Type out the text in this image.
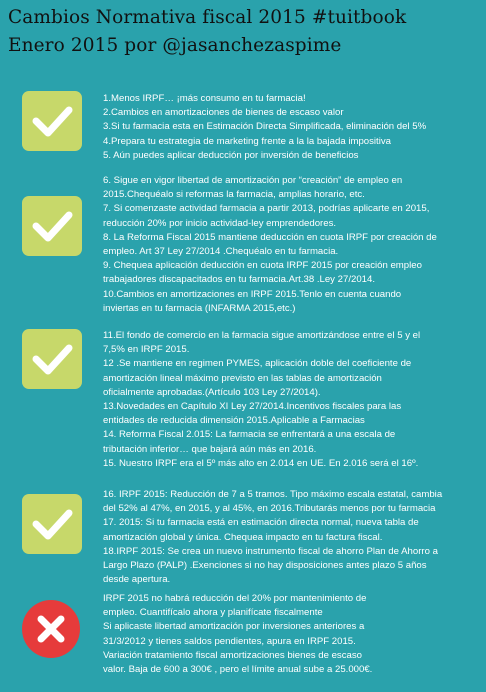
Cambios Normativa fiscal 2015 #tuitbook
Enero 2015 por @jasanchezaspime

1.Menos IRPF… ¡más consumo en tu farmacia!

2.Cambios en amortizaciones de bienes de escaso valor

3.Si tu farmacia esta en Estimación Directa Simplificada, eliminación del 5%

4.Prepara tu estrategia de marketing frente a la la bajada impositiva

5. Aún puedes aplicar deducción por inversión de beneficios

6. Sigue en vigor libertad de amortización por “creación” de empleo en
2015.Chequéalo si reformas la farmacia, amplias horario, etc.

7. Si comenzaste actividad farmacia a partir 2013, podrías aplicarte en 2015,
reducción 20% por inicio actividad-ley emprendedores.

8. La Reforma Fiscal 2015 mantiene deducción en cuota IRPF por creación de
empleo. Art 37 Ley 27/2014 .Chequéalo en tu farmacia.

9. Chequea aplicación deducción en cuota IRPF 2015 por creación empleo
trabajadores discapacitados en tu farmacia.Art.38 .Ley 27/2014.

10.Cambios en amortizaciones en IRPF 2015.Tenlo en cuenta cuando
inviertas en tu farmacia (INFARMA 2015,etc.)

11.El fondo de comercio en la farmacia sigue amortizándose entre el 5 y el
7,5% en IRPF 2015.

12 .Se mantiene en regimen PYMES, aplicación doble del coeficiente de
amortización lineal máximo previsto en las tablas de amortización
oficialmente aprobadas.(Artículo 103 Ley 27/2014).

13.Novedades en Capítulo XI Ley 27/2014.Incentivos fiscales para las
entidades de reducida dimensión 2015.Aplicable a Farmacias

14. Reforma Fiscal 2.015: La farmacia se enfrentará a una escala de
tributación inferior… que bajará aún más en 2016.

15. Nuestro IRPF era el 5º más alto en 2.014 en UE. En 2.016 será el 16º.

16. IRPF 2015: Reducción de 7 a 5 tramos. Tipo máximo escala estatal, cambia
del 52% al 47%, en 2015, y al 45%, en 2016.Tributarás menos por tu farmacia

17. 2015: Si tu farmacia está en estimación directa normal, nueva tabla de
amortización global y única. Chequea impacto en tu factura fiscal.

18.IRPF 2015: Se crea un nuevo instrumento fiscal de ahorro Plan de Ahorro a
Largo Plazo (PALP) .Exenciones si no hay disposiciones antes plazo 5 años
desde apertura.

IRPF 2015 no habrá reducción del 20% por mantenimiento de
empleo. Cuantifícalo ahora y planifícate fiscalmente

Si aplicaste libertad amortización por inversiones anteriores a
31/3/2012 y tienes saldos pendientes, apura en IRPF 2015.

Variación tratamiento fiscal amortizaciones bienes de escaso
valor. Baja de 600 a 300€ , pero el límite anual sube a 25.000€.
